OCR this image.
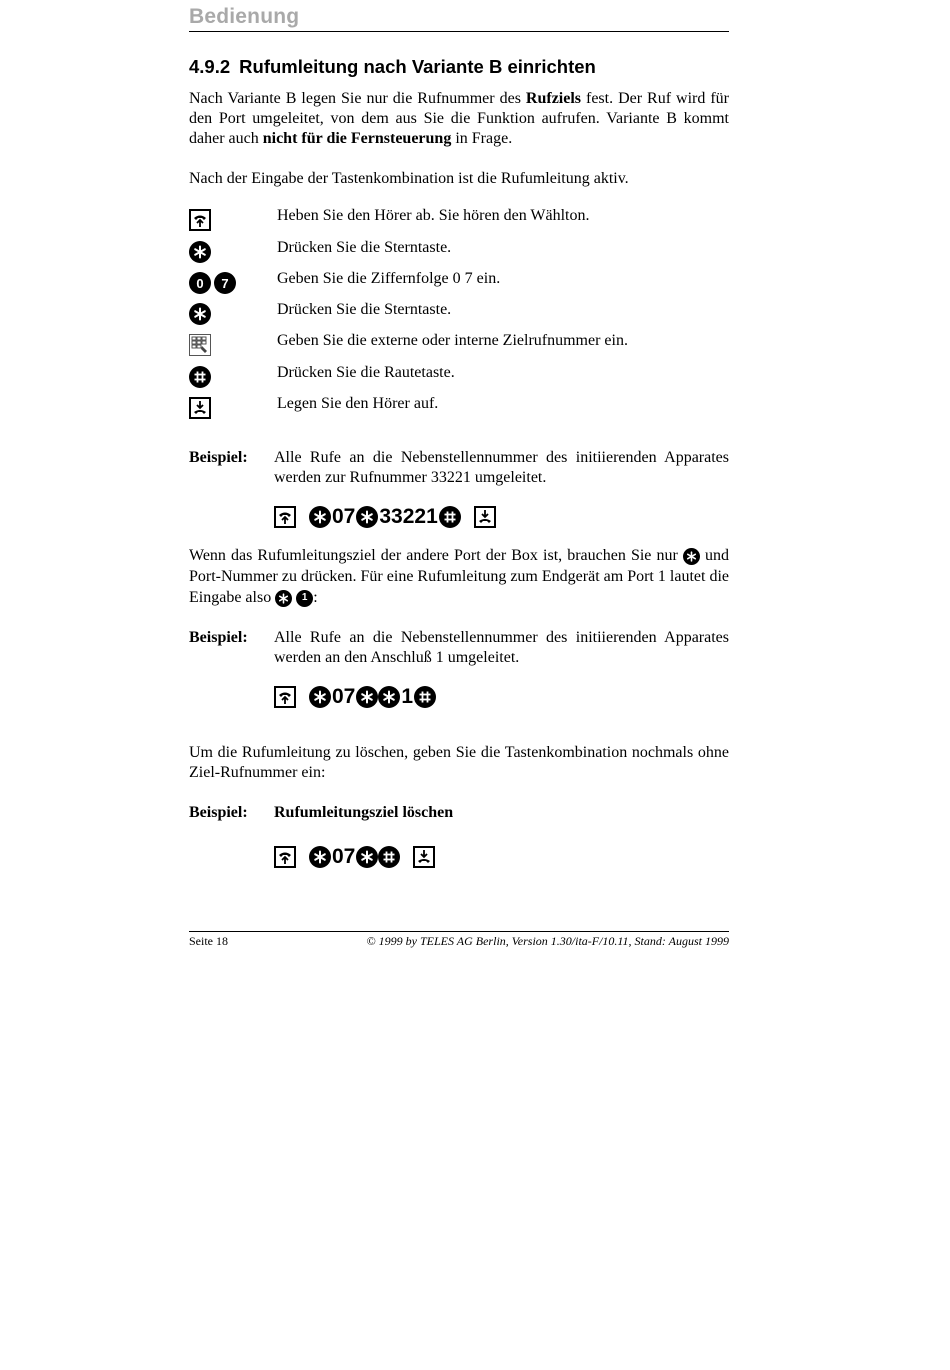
Bedienung
4.9.2 Rufumleitung nach Variante B einrichten

Nach Variante B legen Sie nur die Rufnummer des Rufziels fest. Der Ruf wird für den Port umgeleitet, von dem aus Sie die Funktion aufrufen. Variante B kommt daher auch nicht für die Fernsteuerung in Frage.

Nach der Eingabe der Tastenkombination ist die Rufumleitung aktiv.

Heben Sie den Hörer ab. Sie hören den Wählton.
Drücken Sie die Sterntaste.
0 7	Geben Sie die Ziffernfolge 0 7 ein.
Drücken Sie die Sterntaste.
Geben Sie die externe oder interne Zielrufnummer ein.
Drücken Sie die Rautetaste.
Legen Sie den Hörer auf.
Beispiel: Alle Rufe an die Nebenstellennummer des initiierenden Apparates werden zur Rufnummer 33221 umgeleitet.

07 33221

Wenn das Rufumleitungsziel der andere Port der Box ist, brauchen Sie nur
und Port-Nummer zu drücken. Für eine Rufumleitung zum Endgerät am Port 1 lautet die Eingabe also
	1 :

Beispiel: Alle Rufe an die Nebenstellennummer des initiierenden Apparates werden an den Anschluß 1 umgeleitet.

07 1

Um die Rufumleitung zu löschen, geben Sie die Tastenkombination nochmals ohne Ziel-Rufnummer ein:

Beispiel: Rufumleitungsziel löschen

07
Seite 18	© 1999 by TELES AG Berlin, Version 1.30/ita-F/10.11, Stand: August 1999
